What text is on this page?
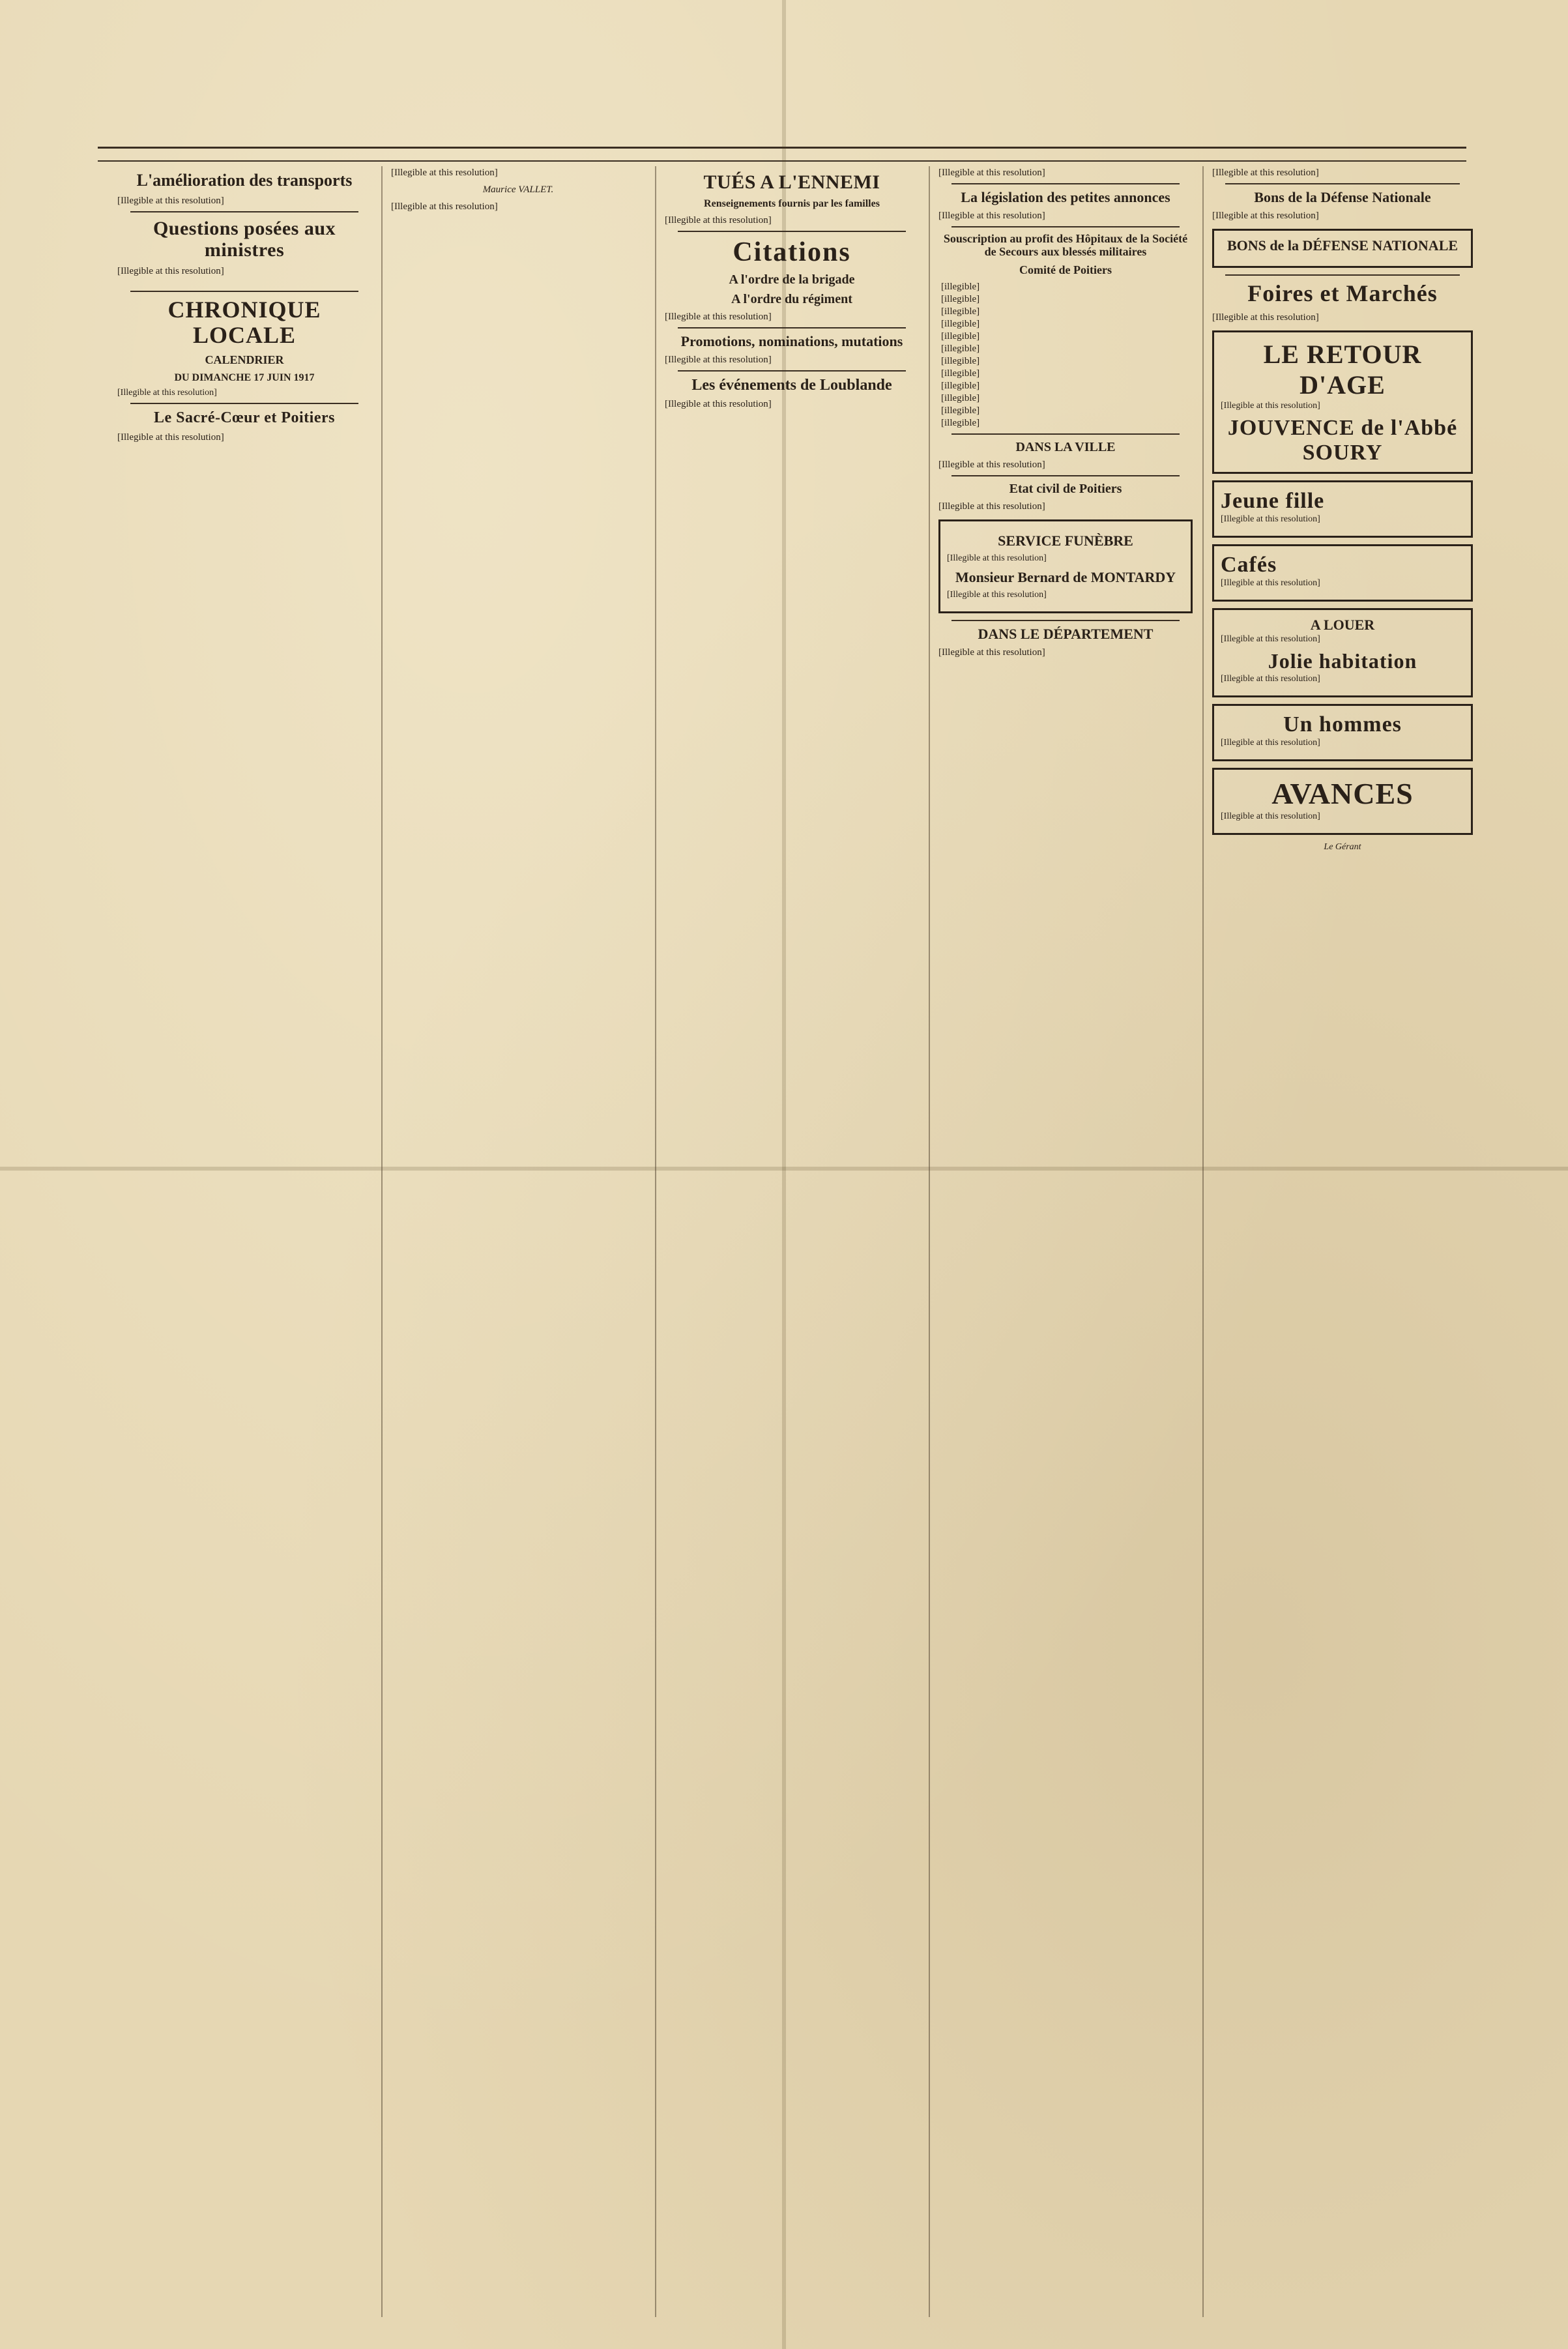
L'amélioration des transports
[Illegible at this resolution]
Questions posées aux ministres
[Illegible at this resolution]
CHRONIQUE LOCALE
CALENDRIER
DU DIMANCHE 17 JUIN 1917
[Illegible at this resolution]
Le Sacré-Cœur et Poitiers
[Illegible at this resolution]
[Illegible at this resolution]
Maurice VALLET.
[Illegible at this resolution]
TUÉS A L'ENNEMI
Renseignements fournis par les familles
[Illegible at this resolution]
Citations
A l'ordre de la brigade
A l'ordre du régiment
[Illegible at this resolution]
Promotions, nominations, mutations
[Illegible at this resolution]
Les événements de Loublande
[Illegible at this resolution]
[Illegible at this resolution]
La législation des petites annonces
[Illegible at this resolution]
Souscription au profit des Hôpitaux de la Société de Secours aux blessés militaires
Comité de Poitiers
[illegible]	
[illegible]	
[illegible]	
[illegible]	
[illegible]	
[illegible]	
[illegible]	
[illegible]	
[illegible]	
[illegible]	
[illegible]	
[illegible]	
DANS LA VILLE
[Illegible at this resolution]
Etat civil de Poitiers
[Illegible at this resolution]
SERVICE FUNÈBRE
[Illegible at this resolution]
Monsieur Bernard de MONTARDY
[Illegible at this resolution]
DANS LE DÉPARTEMENT
[Illegible at this resolution]
[Illegible at this resolution]
Bons de la Défense Nationale
[Illegible at this resolution]
BONS de la DÉFENSE NATIONALE
Foires et Marchés
[Illegible at this resolution]
LE RETOUR D'AGE
[Illegible at this resolution]
JOUVENCE de l'Abbé SOURY
Jeune fille
[Illegible at this resolution]
Cafés
[Illegible at this resolution]
A LOUER
[Illegible at this resolution]
Jolie habitation
[Illegible at this resolution]
Un hommes
[Illegible at this resolution]
AVANCES
[Illegible at this resolution]
Le Gérant
